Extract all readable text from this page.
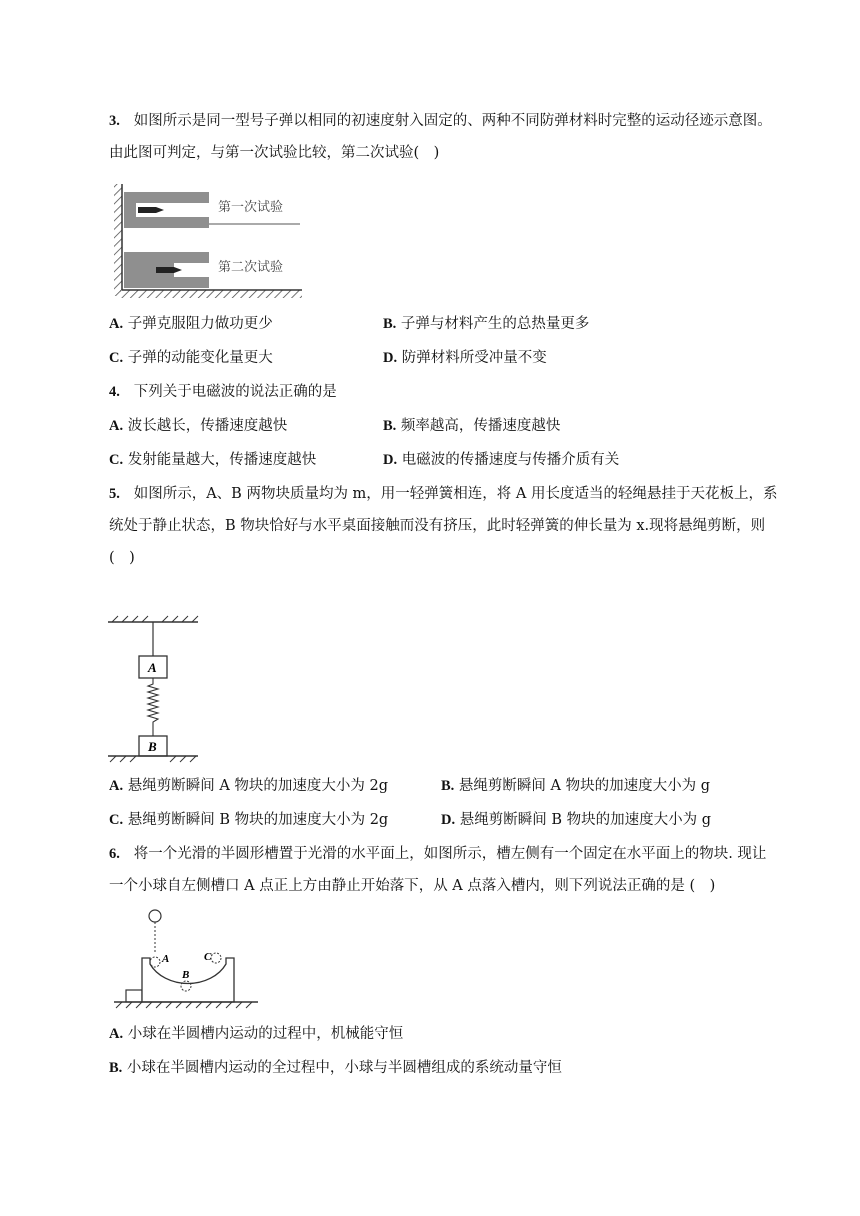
3. 如图所示是同一型号子弹以相同的初速度射入固定的、两种不同防弹材料时完整的运动径迹示意图。由此图可判定，与第一次试验比较，第二次试验(　)
第一次试验
第二次试验
A. 子弹克服阻力做功更少	B. 子弹与材料产生的总热量更多
C. 子弹的动能变化量更大	D. 防弹材料所受冲量不变
4. 下列关于电磁波的说法正确的是
A. 波长越长，传播速度越快	B. 频率越高，传播速度越快
C. 发射能量越大，传播速度越快	D. 电磁波的传播速度与传播介质有关
5. 如图所示，A、B 两物块质量均为 m，用一轻弹簧相连，将 A 用长度适当的轻绳悬挂于天花板上，系统处于静止状态，B 物块恰好与水平桌面接触而没有挤压，此时轻弹簧的伸长量为 x.现将悬绳剪断，则(　)
A
B
A. 悬绳剪断瞬间 A 物块的加速度大小为 2g	B. 悬绳剪断瞬间 A 物块的加速度大小为 g
C. 悬绳剪断瞬间 B 物块的加速度大小为 2g	D. 悬绳剪断瞬间 B 物块的加速度大小为 g
6. 将一个光滑的半圆形槽置于光滑的水平面上，如图所示，槽左侧有一个固定在水平面上的物块. 现让一个小球自左侧槽口 A 点正上方由静止开始落下，从 A 点落入槽内，则下列说法正确的是 (　)
A
B
C
A. 小球在半圆槽内运动的过程中，机械能守恒
B. 小球在半圆槽内运动的全过程中，小球与半圆槽组成的系统动量守恒
